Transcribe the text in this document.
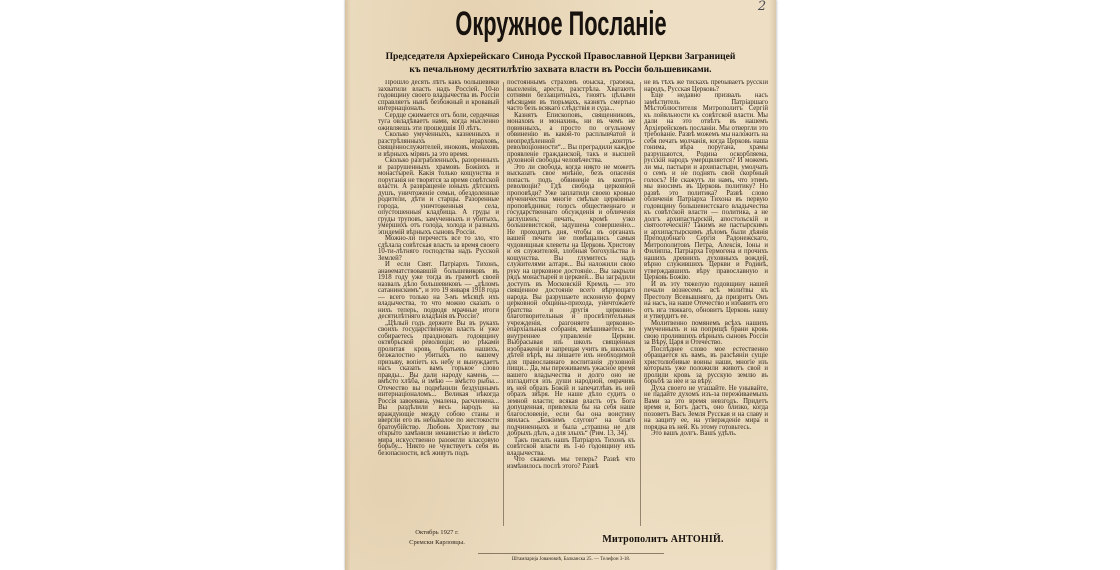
2
Окружное Посланіе
Председателя Архіерейскаго Синода Русской Православной Церкви Заграницей
къ печальному десятилѣтію захвата власти въ Россіи большевиками.

Прошло десять лѣтъ какъ большевики захватили власть надъ Россіей. 10-ю годовщину своего владычества въ Россіи справляетъ нынѣ безбожный и кровавый интернаціоналъ.

Сердце сжимается отъ боли, сердечная туга овладѣваетъ нами, когда мысленно оживляешь эти прошедшія 10 лѣтъ.

Сколько умученныхъ, казненныхъ и разстрѣлянныхъ іерарховъ, священнослужителей, иноковъ, монаховъ и вѣрныхъ мірянъ за это время.

Сколько разграбленныхъ, разоренныхъ и разрушенныхъ храмовъ Божіихъ и монастырей. Какія только кощунства и поруганія не творятся за время совѣтской власти. А развращеніе юныхъ дѣтскихъ душъ, уничтоженіе семьи, обездоленные родители, дѣти и старцы. Разоренные города, уничтоженныя села, опустошенныя кладбища. А груды и груды труповъ, замученныхъ и убитыхъ, умершихъ отъ голода, холода и разныхъ эпидемій вѣрныхъ сыновъ Россіи.

Можно-ли перечесть все то зло, что сдѣлала совѣтская власть за время своего 10-ти-лѣтняго господства надъ Русской Землей?

И если Свят. Патріархъ Тихонъ, анаѳематствовавшій большевиковъ въ 1918 году уже тогда въ грамотѣ своей назвалъ дѣло большевиковъ — „дѣломъ сатанинскимъ“, и это 19 января 1918 года — всего только на 3-мъ мѣсяцѣ ихъ владычества, то что можно сказать о нихъ теперь, подводя мрачные итоги десятилѣтняго владѣнія въ Россіи?

„Цѣлый годъ держите Вы въ рукахъ своихъ государственную власть и уже собираетесь праздновать годовщину октябрьской революціи; но рѣками пролитая кровь братьевъ нашихъ, безжалостно убитыхъ по вашему призыву, вопіетъ къ небу и вынуждаетъ насъ сказать вамъ горькое слово правды... Вы дали народу камень — вмѣсто хлѣба, и змѣю — вмѣсто рыбы... Отечество вы подмѣнили бездушнымъ интернаціоналомъ... Великая нѣкогда Россія завоевана, умалена, расчленена... Вы раздѣлили весь народъ на враждующіе между собою станы и ввергли его въ небывалое по жестокости братоубійство. Любовь Христову вы открыто замѣнили ненавистью и вмѣсто мира искусственно разожгли классовую борьбу... Никто не чувствуетъ себя въ безопасности, всѣ живутъ подъ

постояннымъ страхомъ обыска, грабежа, выселенія, ареста, разстрѣла. Хватаютъ сотнями беззащитныхъ, гноятъ цѣлыми мѣсяцами въ тюрьмахъ, казнятъ смертью часто безъ всякаго слѣдствія и суда...

Казнятъ Епископовъ, священниковъ, монаховъ и монахинь, ни въ чемъ не повинныхъ, а просто по огульному обвиненію въ какой-то расплывчатой и неопредѣленной „контръ-революціонности“... Вы преградили каждое проявленіе гражданской, такъ и высшей духовной свободы человѣчества.

Это ли свобода, когда никто не можетъ высказать свое мнѣніе, безъ опасенія попасть подъ обвиненіе въ контръ-революціи? Гдѣ свобода церковной проповѣди? Уже заплатили своею кровью мученичества многіе смѣлые церковные проповѣдники; голосъ общественнаго и государственнаго обсужденія и обличенія заглушенъ; печать, кромѣ узко большевистской, задушена совершенно... Не проходитъ дня, чтобы въ органахъ вашей печати не помѣщались самыя чудовищныя клеветы на Церковь Христову и ея служителей, злобныя богохульства и кощунства. Вы глумитесь надъ служителями алтаря... Вы наложили свою руку на церковное достояніе... Вы закрыли рядъ монастырей и церквей... Вы заградили доступъ въ Московскій Кремль — это священное достояніе всего вѣрующаго народа. Вы разрушаете исконную форму церковной общины-прихода, уничтожаете братства и другія церковно-благотворительныя и просвѣтительныя учрежденія, разгоняете церковно-епархіальныя собранія, вмѣшиваетесь во внутреннее управленіе Церкви. Выбрасывая изъ школъ священныя изображенія и запрещая учить въ школахъ дѣтей вѣрѣ, вы лишаете ихъ необходимой для православнаго воспитанія духовной пищи... Да, мы переживаемъ ужасное время вашего владычества и долго оно не изгладится изъ души народной, омрачивъ въ ней образъ Божій и запечатлѣвъ въ ней образъ звѣря. Не наше дѣло судить о земной власти; всякая власть отъ Бога допущенная, привлекла бы на себя наше благословеніе, если бы она воистину явилась „Божіимъ слугою“ на благо подчиненныхъ и была „страшна не для добрыхъ дѣлъ, а для злыхъ“ (Рим. 13, 34).

Такъ писалъ нашъ Патріархъ Тихонъ къ совѣтской власти въ 1-ю годовщину ихъ владычества.

Что скажемъ мы теперь? Развѣ что измѣнилось послѣ этого? Развѣ

не въ тѣхъ же тискахъ пребываетъ русскій народъ, Русская Церковь?

Еще недавно призвалъ насъ замѣститель Патріаршаго Мѣстоблюстителя Митрополитъ Сергій къ лойяльности къ совѣтской власти. Мы дали на это отвѣтъ въ нашемъ Архіерейскомъ посланіи. Мы отвергли это требованіе. Развѣ можемъ мы наложить на себя печать молчанія, когда Церковь наша гонима, вѣра поругана, храмы разрушаются, Родина оскорбляема, русскій народъ умерщвляется? И можемъ ли мы, пастыри и архипастыри, умолчать о семъ и не поднять свой скорбный голосъ? Не скажутъ ли намъ, что этимъ мы вносимъ въ Церковь политику? Но развѣ это политика? Развѣ слово обличенія Патріарха Тихона въ первую годовщину большевистскаго владычества къ совѣтской власти — политика, а не долгъ архипастырскій, апостольскій и святоотеческій? Такимъ же пастырскимъ и архипастырскимъ дѣломъ были дѣянія Преподобнаго Сергія Радонежскаго, Митрополитовъ Петра, Алексія, Іоны и Филиппа, Патріарха Гермогена и прочихъ нашихъ древнихъ духовныхъ вождей, вѣрно служившихъ Церкви и Родинѣ, утверждавшихъ вѣру православную и Церковь Божію.

И въ эту тяжелую годовщину нашей печали вознесемъ всѣ молитвы къ Престолу Всевышняго, да призритъ Онъ на насъ, на наше Отечество и избавитъ его отъ ига тяжкаго, обновитъ Церковь нашу и утвердитъ ее.

Молитвенно помянемъ всѣхъ нашихъ умученныхъ и на поприщѣ брани кровь свою пролившихъ вѣрныхъ сыновъ Россіи за Вѣру, Царя и Отечество.

Послѣднее слово мое естественно обращается къ вамъ, въ разсѣяніи сущіе христолюбивые воины наши, многіе изъ которыхъ уже положили животъ свой и пролили кровь за русскую землю въ борьбѣ за нее и за вѣру.

Духа своего не угашайте. Не унывайте, не падайте духомъ изъ-за переживаемыхъ Вами за это время невзгодъ. Придетъ время и, Богъ дастъ, оно близко, когда позоветъ Васъ Земля Русская и на славу и на защиту ее, на утвержденіе мира и порядка въ ней. Къ этому готовьтесь.

Это вашъ долгъ. Вашъ удѣлъ.

Октябрь 1927 г.
Сремски Карловцы.	Митрополитъ АНТОНІЙ.
Штампарија Јовановић, Балканска 25. — Телефон 3-18.
